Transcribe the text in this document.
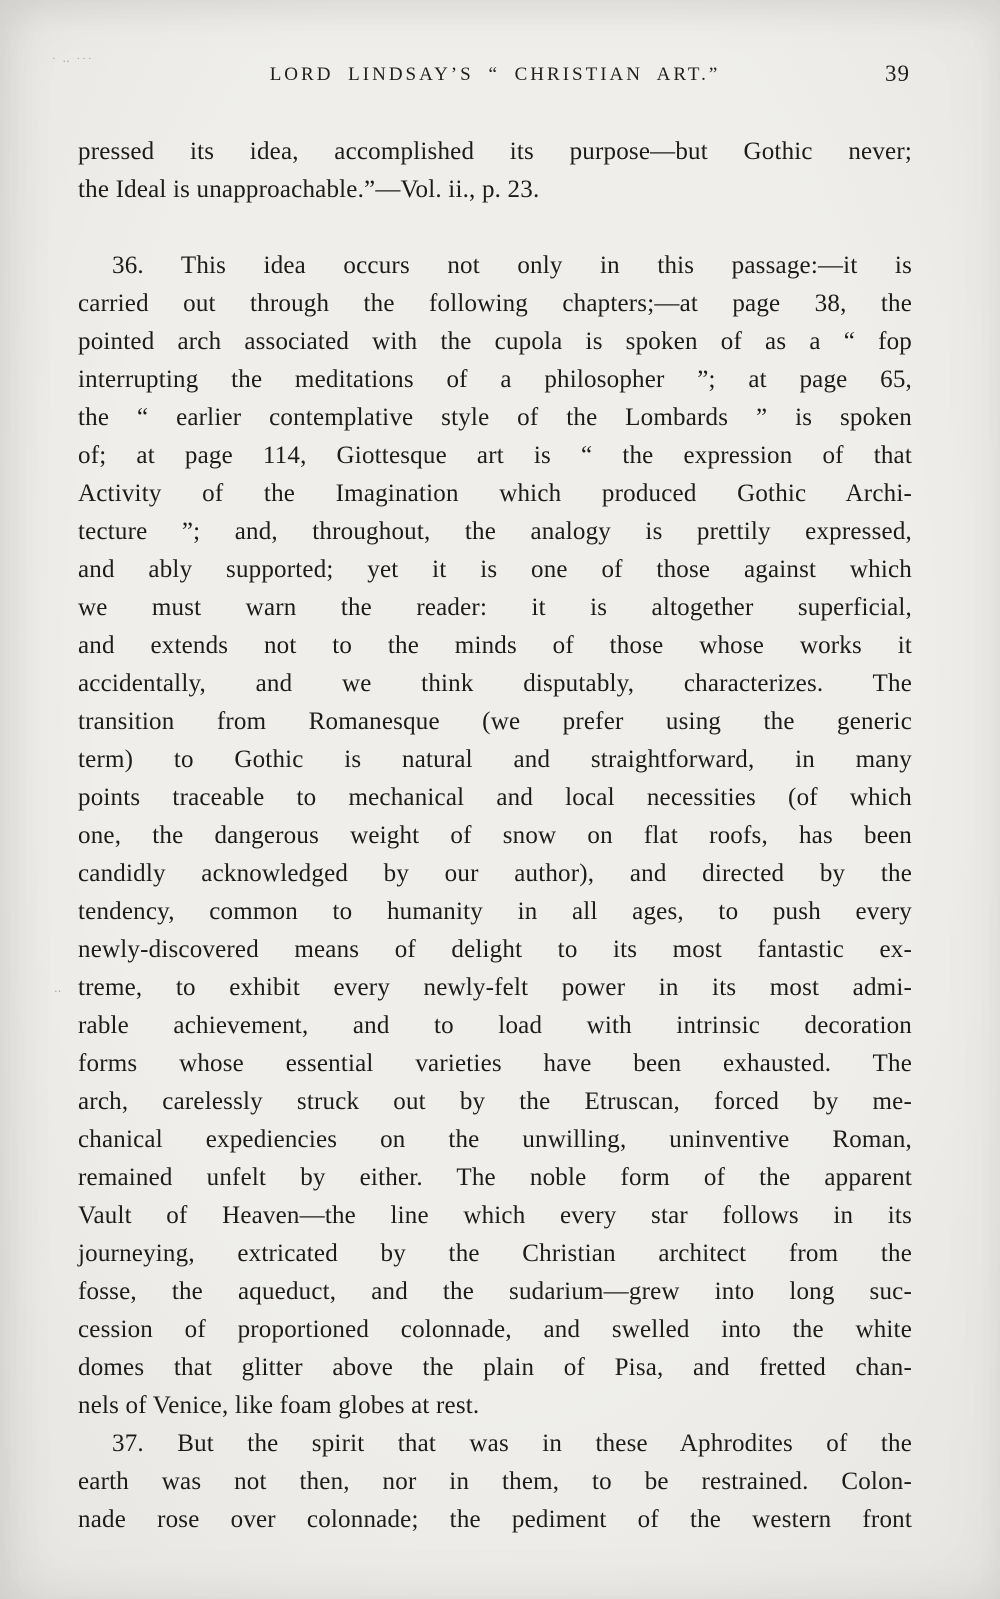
· ‥ ···
‥
LORD LINDSAY’S “ CHRISTIAN ART.”	39
pressed its idea, accomplished its purpose—but Gothic never;
the Ideal is unapproachable.”—Vol. ii., p. 23.
36. This idea occurs not only in this passage:—it is
carried out through the following chapters;—at page 38, the
pointed arch associated with the cupola is spoken of as a “ fop
interrupting the meditations of a philosopher ”; at page 65,
the “ earlier contemplative style of the Lombards ” is spoken
of; at page 114, Giottesque art is “ the expression of that
Activity of the Imagination which produced Gothic Archi-
tecture ”; and, throughout, the analogy is prettily expressed,
and ably supported; yet it is one of those against which
we must warn the reader: it is altogether superficial,
and extends not to the minds of those whose works it
accidentally, and we think disputably, characterizes. The
transition from Romanesque (we prefer using the generic
term) to Gothic is natural and straightforward, in many
points traceable to mechanical and local necessities (of which
one, the dangerous weight of snow on flat roofs, has been
candidly acknowledged by our author), and directed by the
tendency, common to humanity in all ages, to push every
newly-discovered means of delight to its most fantastic ex-
treme, to exhibit every newly-felt power in its most admi-
rable achievement, and to load with intrinsic decoration
forms whose essential varieties have been exhausted. The
arch, carelessly struck out by the Etruscan, forced by me-
chanical expediencies on the unwilling, uninventive Roman,
remained unfelt by either. The noble form of the apparent
Vault of Heaven—the line which every star follows in its
journeying, extricated by the Christian architect from the
fosse, the aqueduct, and the sudarium—grew into long suc-
cession of proportioned colonnade, and swelled into the white
domes that glitter above the plain of Pisa, and fretted chan-
nels of Venice, like foam globes at rest.
37. But the spirit that was in these Aphrodites of the
earth was not then, nor in them, to be restrained. Colon-
nade rose over colonnade; the pediment of the western front
